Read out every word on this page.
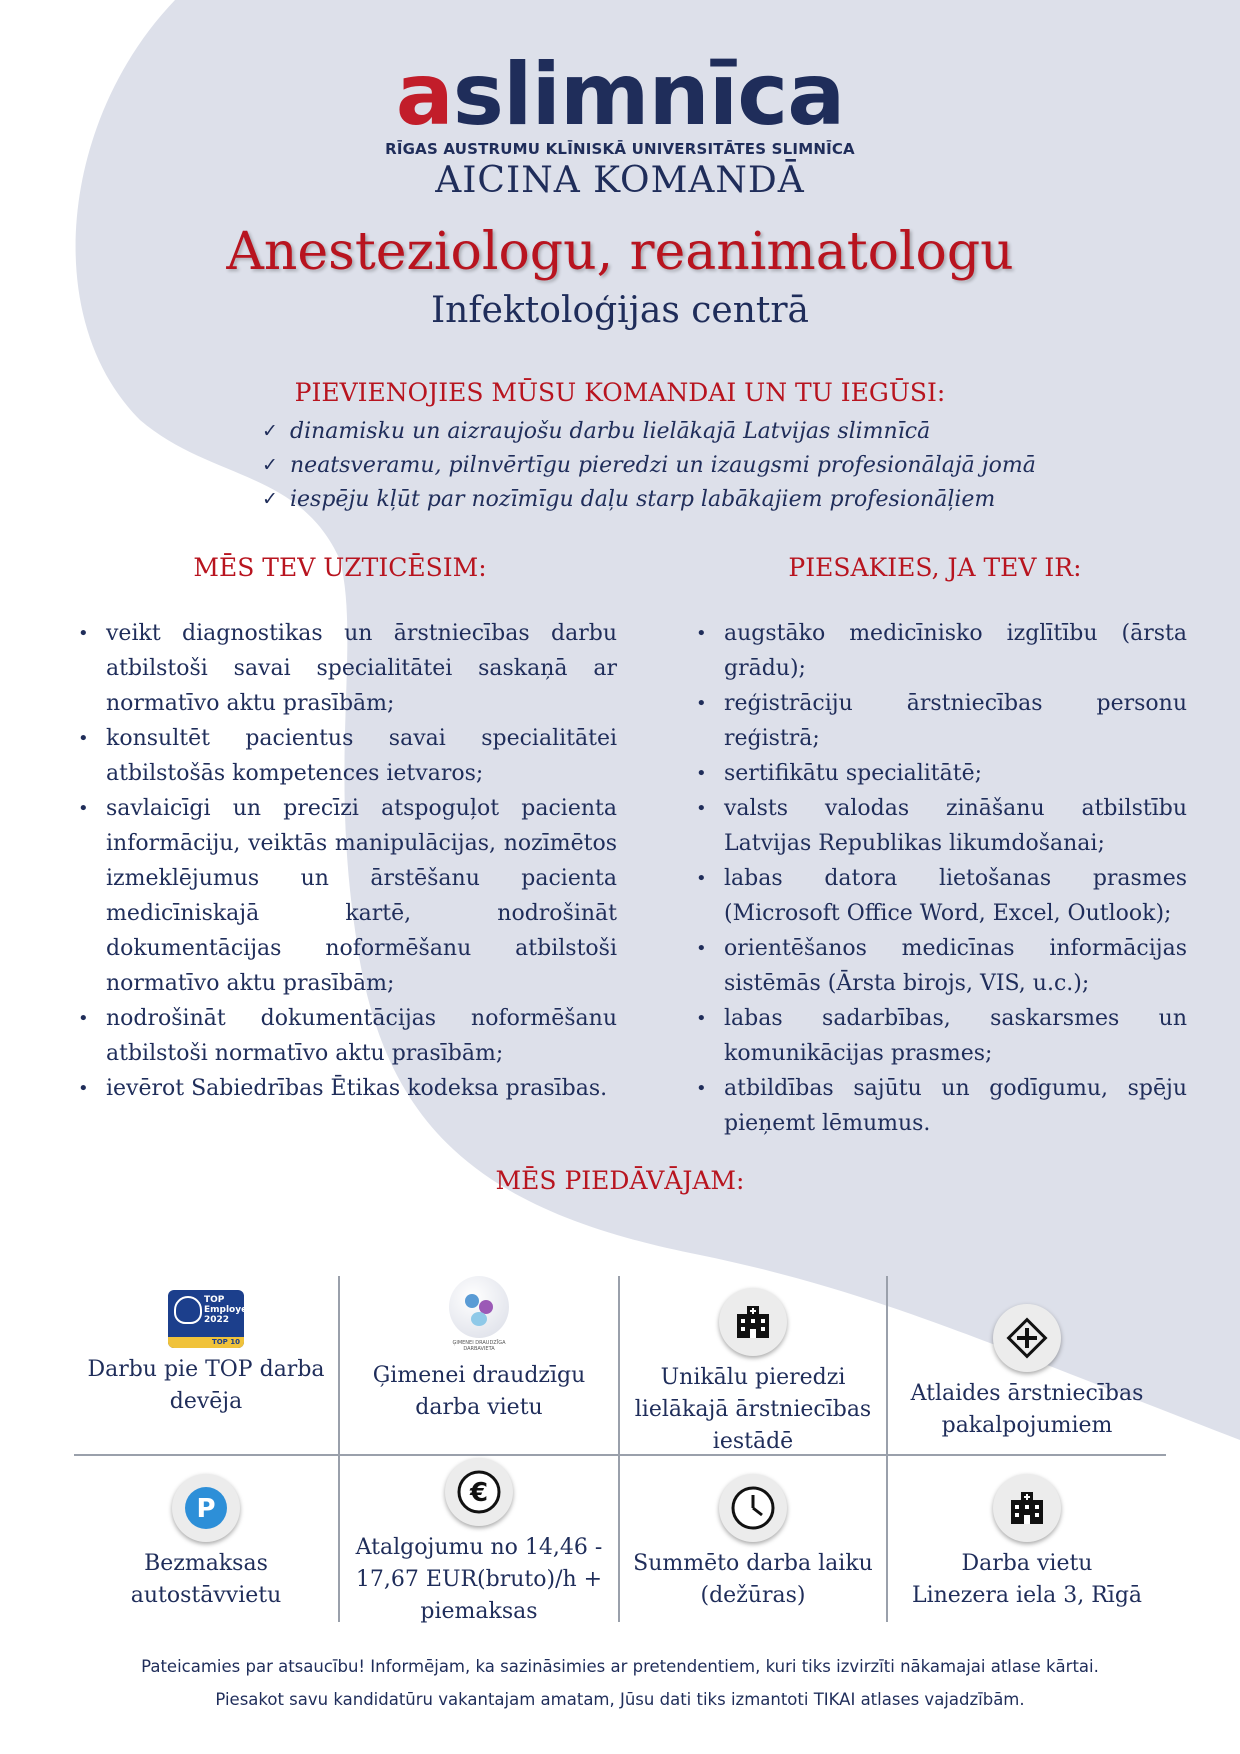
aslimnīca
RĪGAS AUSTRUMU KLĪNISKĀ UNIVERSITĀTES SLIMNĪCA
AICINA KOMANDĀ
Anesteziologu, reanimatologu
Infektoloģijas centrā
PIEVIENOJIES MŪSU KOMANDAI UN TU IEGŪSI:
✓ dinamisku un aizraujošu darbu lielākajā Latvijas slimnīcā
✓ neatsveramu, pilnvērtīgu pieredzi un izaugsmi profesionālajā jomā
✓ iespēju kļūt par nozīmīgu daļu starp labākajiem profesionāļiem
MĒS TEV UZTICĒSIM:	PIESAKIES, JA TEV IR:
• veikt diagnostikas un ārstniecības darbu atbilstoši savai specialitātei saskaņā ar normatīvo aktu prasībām;
• konsultēt pacientus savai specialitātei atbilstošās kompetences ietvaros;
• savlaicīgi un precīzi atspoguļot pacienta informāciju, veiktās manipulācijas, nozīmētos izmeklējumus un ārstēšanu pacienta medicīniskajā kartē, nodrošināt dokumentācijas noformēšanu atbilstoši normatīvo aktu prasībām;
• nodrošināt dokumentācijas noformēšanu atbilstoši normatīvo aktu prasībām;
• ievērot Sabiedrības Ētikas kodeksa prasības.
• augstāko medicīnisko izglītību (ārsta grādu);
• reģistrāciju ārstniecības personu reģistrā;
• sertifikātu specialitātē;
• valsts valodas zināšanu atbilstību Latvijas Republikas likumdošanai;
• labas datora lietošanas prasmes (Microsoft Office Word, Excel, Outlook);
• orientēšanos medicīnas informācijas sistēmās (Ārsta birojs, VIS, u.c.);
• labas sadarbības, saskarsmes un komunikācijas prasmes;
• atbildības sajūtu un godīgumu, spēju pieņemt lēmumus.
MĒS PIEDĀVĀJAM:
TOP
Employer
2022
TOP 10
Darbu pie TOP darba
devēja
ĢIMENEI DRAUDZĪGA DARBAVIETA
Ģimenei draudzīgu
darba vietu
Unikālu pieredzi
lielākajā ārstniecības
iestādē
Atlaides ārstniecības
pakalpojumiem
P
Bezmaksas
autostāvvietu
€
Atalgojumu no 14,46 -
17,67 EUR(bruto)/h +
piemaksas
Summēto darba laiku
(dežūras)
Darba vietu
Linezera iela 3, Rīgā
Pateicamies par atsaucību! Informējam, ka sazināsimies ar pretendentiem, kuri tiks izvirzīti nākamajai atlase kārtai.
Piesakot savu kandidatūru vakantajam amatam, Jūsu dati tiks izmantoti TIKAI atlases vajadzībām.
